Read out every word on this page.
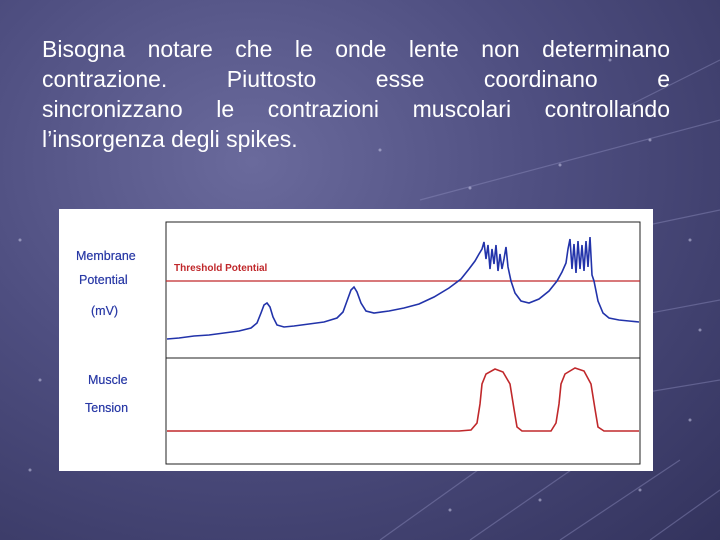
Bisogna notare che le onde lente non determinano
contrazione. Piuttosto esse coordinano e
sincronizzano le contrazioni muscolari controllando
l’insorgenza degli spikes.
Membrane
Potential
(mV)
Threshold Potential
Muscle
Tension
